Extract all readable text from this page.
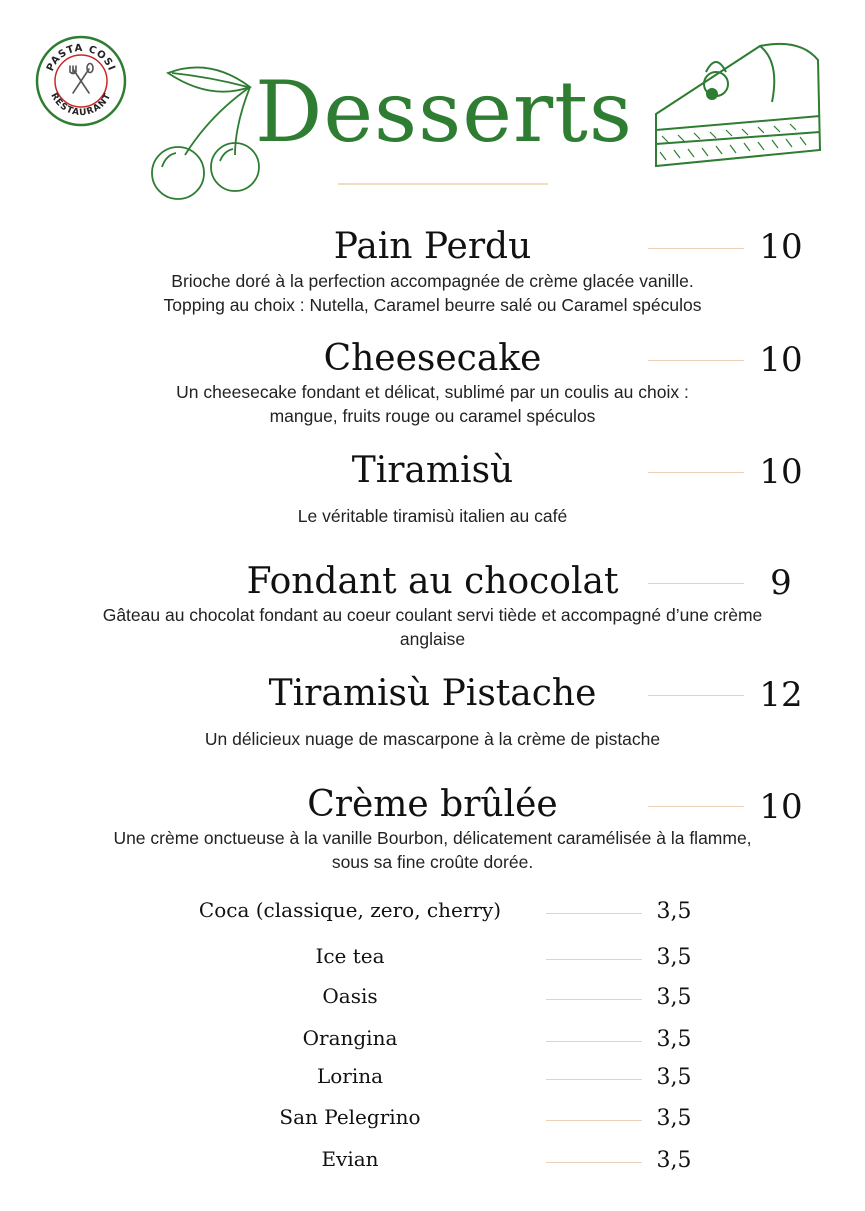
PASTA COSI
RESTAURANT Desserts
Pain Perdu	10
Brioche doré à la perfection accompagnée de crème glacée vanille.
Topping au choix : Nutella, Caramel beurre salé ou Caramel spéculos
Cheesecake	10
Un cheesecake fondant et délicat, sublimé par un coulis au choix :
mangue, fruits rouge ou caramel spéculos
Tiramisù	10
Le véritable tiramisù italien au café
Fondant au chocolat	9
Gâteau au chocolat fondant au coeur coulant servi tiède et accompagné d’une crème
anglaise
Tiramisù Pistache	12
Un délicieux nuage de mascarpone à la crème de pistache
Crème brûlée	10
Une crème onctueuse à la vanille Bourbon, délicatement caramélisée à la flamme,
sous sa fine croûte dorée.
Coca (classique, zero, cherry)	3,5
Ice tea	3,5
Oasis	3,5
Orangina	3,5
Lorina	3,5
San Pelegrino	3,5
Evian	3,5
